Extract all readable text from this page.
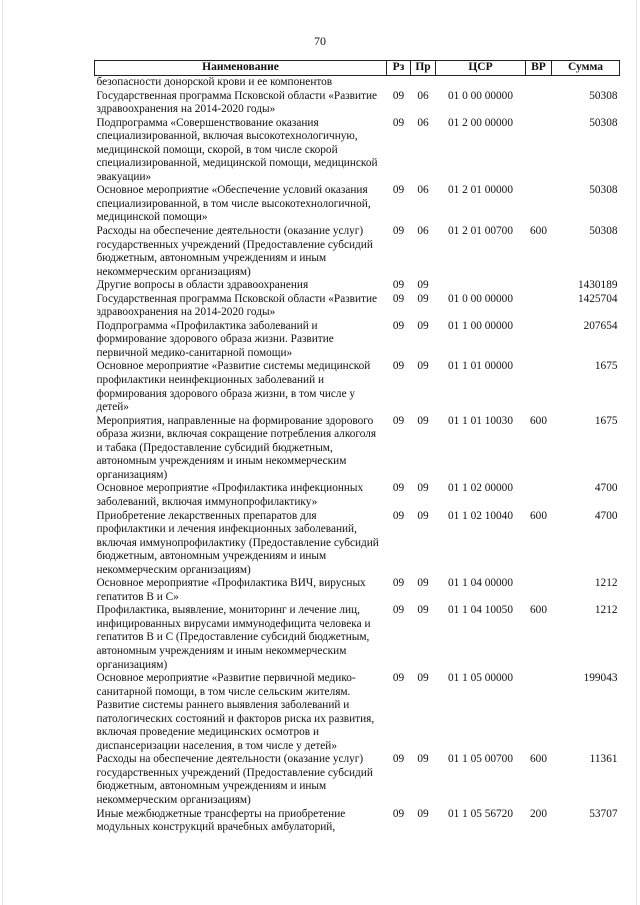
70
Наименование	Рз	Пр	ЦСР	ВР	Сумма
безопасности донорской крови и ее компонентов					
Государственная программа Псковской области «Развитие здравоохранения на 2014-2020 годы»	09	06	01 0 00 00000		50308
Подпрограмма «Совершенствование оказания специализированной, включая высокотехнологичную, медицинской помощи, скорой, в том числе скорой специализированной, медицинской помощи, медицинской эвакуации»	09	06	01 2 00 00000		50308
Основное мероприятие «Обеспечение условий оказания специализированной, в том числе высокотехнологичной, медицинской помощи»	09	06	01 2 01 00000		50308
Расходы на обеспечение деятельности (оказание услуг) государственных учреждений (Предоставление субсидий бюджетным, автономным учреждениям и иным некоммерческим организациям)	09	06	01 2 01 00700	600	50308
Другие вопросы в области здравоохранения	09	09			1430189
Государственная программа Псковской области «Развитие здравоохранения на 2014-2020 годы»	09	09	01 0 00 00000		1425704
Подпрограмма «Профилактика заболеваний и формирование здорового образа жизни. Развитие первичной медико-санитарной помощи»	09	09	01 1 00 00000		207654
Основное мероприятие «Развитие системы медицинской профилактики неинфекционных заболеваний и формирования здорового образа жизни, в том числе у детей»	09	09	01 1 01 00000		1675
Мероприятия, направленные на формирование здорового образа жизни, включая сокращение потребления алкоголя и табака (Предоставление субсидий бюджетным, автономным учреждениям и иным некоммерческим организациям)	09	09	01 1 01 10030	600	1675
Основное мероприятие «Профилактика инфекционных заболеваний, включая иммунопрофилактику»	09	09	01 1 02 00000		4700
Приобретение лекарственных препаратов для профилактики и лечения инфекционных заболеваний, включая иммунопрофилактику (Предоставление субсидий бюджетным, автономным учреждениям и иным некоммерческим организациям)	09	09	01 1 02 10040	600	4700
Основное мероприятие «Профилактика ВИЧ, вирусных гепатитов В и С»	09	09	01 1 04 00000		1212
Профилактика, выявление, мониторинг и лечение лиц, инфицированных вирусами иммунодефицита человека и гепатитов В и С (Предоставление субсидий бюджетным, автономным учреждениям и иным некоммерческим организациям)	09	09	01 1 04 10050	600	1212
Основное мероприятие «Развитие первичной медико-санитарной помощи, в том числе сельским жителям. Развитие системы раннего выявления заболеваний и патологических состояний и факторов риска их развития, включая проведение медицинских осмотров и диспансеризации населения, в том числе у детей»	09	09	01 1 05 00000		199043
Расходы на обеспечение деятельности (оказание услуг) государственных учреждений (Предоставление субсидий бюджетным, автономным учреждениям и иным некоммерческим организациям)	09	09	01 1 05 00700	600	11361
Иные межбюджетные трансферты на приобретение модульных конструкций врачебных амбулаторий,	09	09	01 1 05 56720	200	53707
